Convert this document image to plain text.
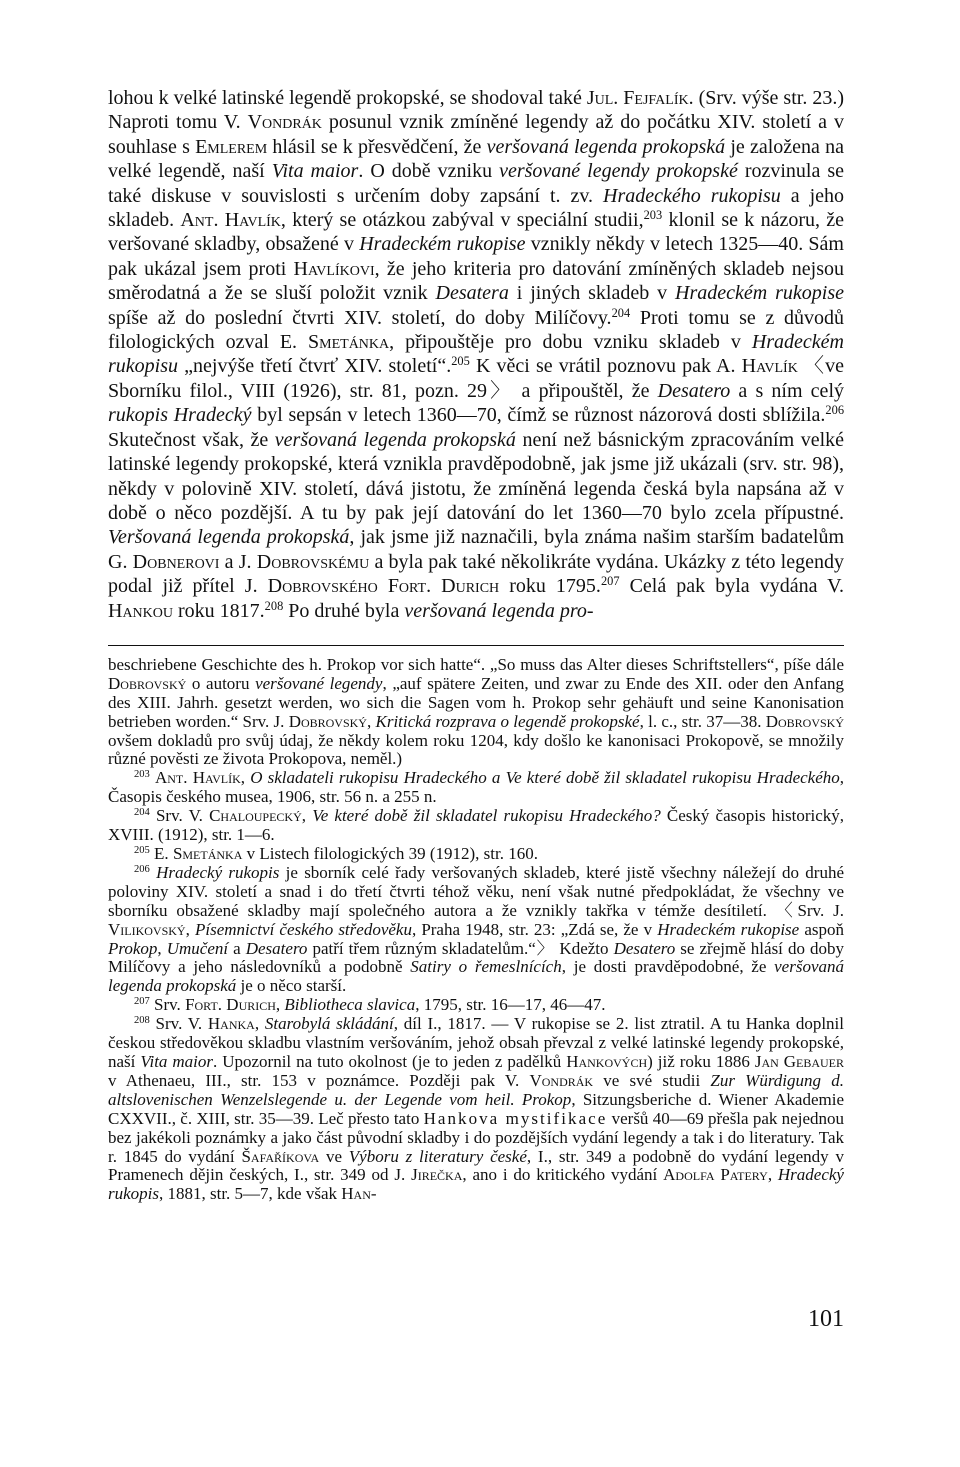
lohou k velké latinské legendě prokopské, se shodoval také Jul. Fejfalík. (Srv. výše str. 23.) Naproti tomu V. Vondrák posunul vznik zmíněné legendy až do počátku XIV. století a v souhlase s Emlerem hlásil se k přesvědčení, že veršovaná legenda prokopská je založena na velké legendě, naší Vita maior. O době vzniku veršované legendy prokopské rozvinula se také diskuse v souvislosti s určením doby zapsání t. zv. Hradeckého rukopisu a jeho skladeb. Ant. Havlík, který se otázkou zabýval v speciální studii,$^{203}$ klonil se k názoru, že veršované skladby, obsažené v Hradeckém rukopise vznikly někdy v letech 1325—40. Sám pak ukázal jsem proti Havlíkovi, že jeho kriteria pro datování zmíněných skladeb nejsou směrodatná a že se sluší položit vznik Desatera i jiných skladeb v Hradeckém rukopise spíše až do poslední čtvrti XIV. století, do doby Milíčovy.$^{204}$ Proti tomu se z důvodů filologických ozval E. Smetánka, připouštěje pro dobu vzniku skladeb v Hradeckém rukopisu „nejvýše třetí čtvrť XIV. století“.$^{205}$ K věci se vrátil poznovu pak A. Havlík 〈ve Sborníku filol., VIII (1926), str. 81, pozn. 29〉 a připouštěl, že Desatero a s ním celý rukopis Hradecký byl sepsán v letech 1360—70, čímž se různost názorová dosti sblížila.$^{206}$ Skutečnost však, že veršovaná legenda prokopská není než básnickým zpracováním velké latinské legendy prokopské, která vznikla pravděpodobně, jak jsme již ukázali (srv. str. 98), někdy v polovině XIV. století, dává jistotu, že zmíněná legenda česká byla napsána až v době o něco pozdější. A tu by pak její datování do let 1360—70 bylo zcela přípustné. Veršovaná legenda prokopská, jak jsme již naznačili, byla známa našim starším badatelům G. Dobnerovi a J. Dobrovskému a byla pak také několikráte vydána. Ukázky z této legendy podal již přítel J. Dobrovského Fort. Durich roku 1795.$^{207}$ Celá pak byla vydána V. Hankou roku 1817.$^{208}$ Po druhé byla veršovaná legenda pro-

beschriebene Geschichte des h. Prokop vor sich hatte“. „So muss das Alter dieses Schriftstellers“, píše dále Dobrovský o autoru veršované legendy, „auf spätere Zeiten, und zwar zu Ende des XII. oder den Anfang des XIII. Jahrh. gesetzt werden, wo sich die Sagen vom h. Prokop sehr gehäuft und seine Kanonisation betrieben worden.“ Srv. J. Dobrovský, Kritická rozprava o legendě prokopské, l. c., str. 37—38. Dobrovský ovšem dokladů pro svůj údaj, že někdy kolem roku 1204, kdy došlo ke kanonisaci Prokopově, se množily různé pověsti ze života Prokopova, neměl.)

$^{203}$ Ant. Havlík, O skladateli rukopisu Hradeckého a Ve které době žil skladatel rukopisu Hradeckého, Časopis českého musea, 1906, str. 56 n. a 255 n.

$^{204}$ Srv. V. Chaloupecký, Ve které době žil skladatel rukopisu Hradeckého? Český časopis historický, XVIII. (1912), str. 1—6.

$^{205}$ E. Smetánka v Listech filologických 39 (1912), str. 160.

$^{206}$ Hradecký rukopis je sborník celé řady veršovaných skladeb, které jistě všechny náležejí do druhé poloviny XIV. století a snad i do třetí čtvrti téhož věku, není však nutné předpokládat, že všechny ve sborníku obsažené skladby mají společného autora a že vznikly takřka v témže desítiletí. 〈Srv. J. Vilikovský, Písemnictví českého středověku, Praha 1948, str. 23: „Zdá se, že v Hradeckém rukopise aspoň Prokop, Umučení a Desatero patří třem různým skladatelům.“〉 Kdežto Desatero se zřejmě hlásí do doby Milíčovy a jeho následovníků a podobně Satiry o řemeslnících, je dosti pravděpodobné, že veršovaná legenda prokopská je o něco starší.

$^{207}$ Srv. Fort. Durich, Bibliotheca slavica, 1795, str. 16—17, 46—47.

$^{208}$ Srv. V. Hanka, Starobylá skládání, díl I., 1817. — V rukopise se 2. list ztratil. A tu Hanka doplnil českou středověkou skladbu vlastním veršováním, jehož obsah převzal z velké latinské legendy prokopské, naší Vita maior. Upozornil na tuto okolnost (je to jeden z padělků Hankových) již roku 1886 Jan Gebauer v Athenaeu, III., str. 153 v poznámce. Později pak V. Vondrák ve své studii Zur Würdigung d. altslovenischen Wenzelslegende u. der Legende vom heil. Prokop, Sitzungsberiche d. Wiener Akademie CXXVII., č. XIII, str. 35—39. Leč přesto tato Hankova mystifikace veršů 40—69 přešla pak nejednou bez jakékoli poznámky a jako část původní skladby i do pozdějších vydání legendy a tak i do literatury. Tak r. 1845 do vydání Šafaříkova ve Výboru z literatury české, I., str. 349 a podobně do vydání legendy v Pramenech dějin českých, I., str. 349 od J. Jirečka, ano i do kritického vydání Adolfa Patery, Hradecký rukopis, 1881, str. 5—7, kde však Han-

101
